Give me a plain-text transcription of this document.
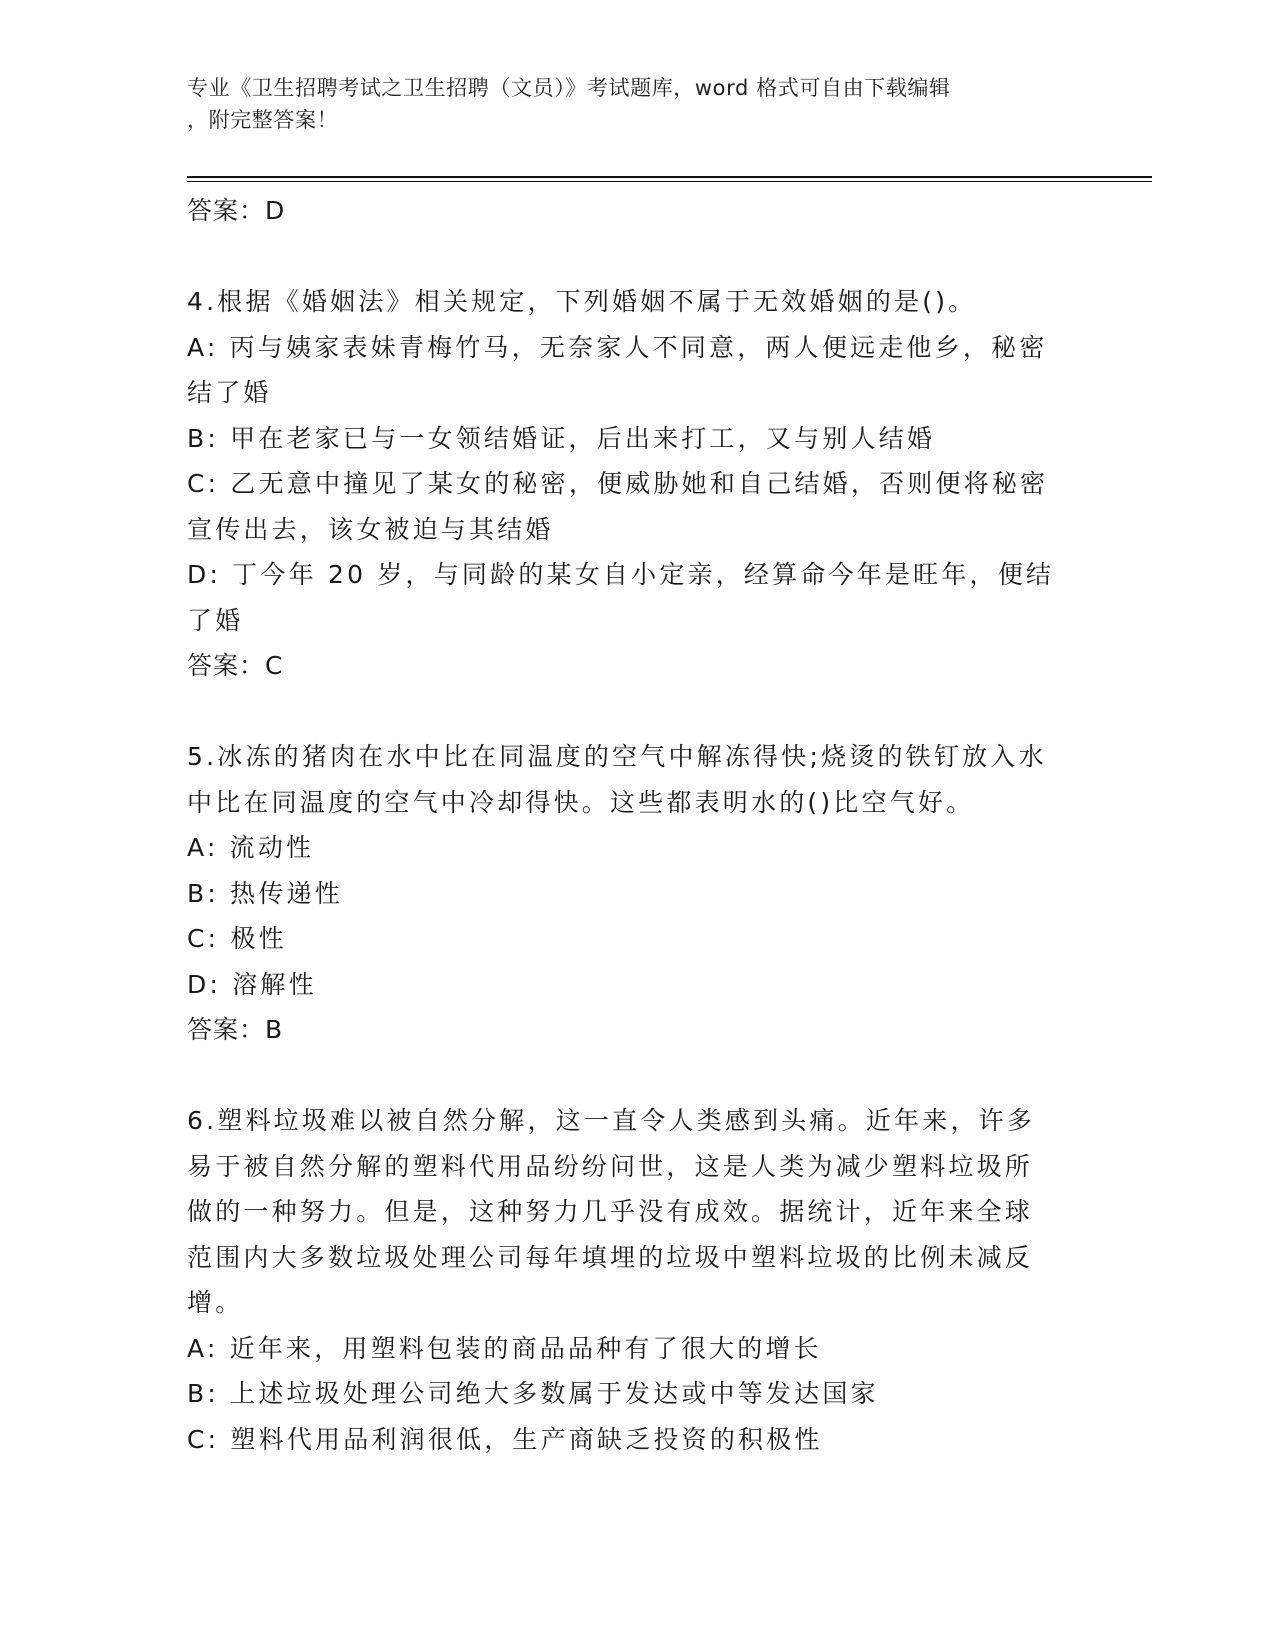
专业《卫生招聘考试之卫生招聘（文员）》考试题库，word 格式可自由下载编辑
，附完整答案！
答案：D
4.根据《婚姻法》相关规定，下列婚姻不属于无效婚姻的是()。
A: 丙与姨家表妹青梅竹马，无奈家人不同意，两人便远走他乡，秘密
结了婚
B: 甲在老家已与一女领结婚证，后出来打工，又与别人结婚
C: 乙无意中撞见了某女的秘密，便威胁她和自己结婚，否则便将秘密
宣传出去，该女被迫与其结婚
D: 丁今年 20 岁，与同龄的某女自小定亲，经算命今年是旺年，便结
了婚
答案：C
5.冰冻的猪肉在水中比在同温度的空气中解冻得快;烧烫的铁钉放入水
中比在同温度的空气中冷却得快。这些都表明水的()比空气好。
A: 流动性
B: 热传递性
C: 极性
D: 溶解性
答案：B
6.塑料垃圾难以被自然分解，这一直令人类感到头痛。近年来，许多
易于被自然分解的塑料代用品纷纷问世，这是人类为减少塑料垃圾所
做的一种努力。但是，这种努力几乎没有成效。据统计，近年来全球
范围内大多数垃圾处理公司每年填埋的垃圾中塑料垃圾的比例未减反
增。
A: 近年来，用塑料包装的商品品种有了很大的增长
B: 上述垃圾处理公司绝大多数属于发达或中等发达国家
C: 塑料代用品利润很低，生产商缺乏投资的积极性
